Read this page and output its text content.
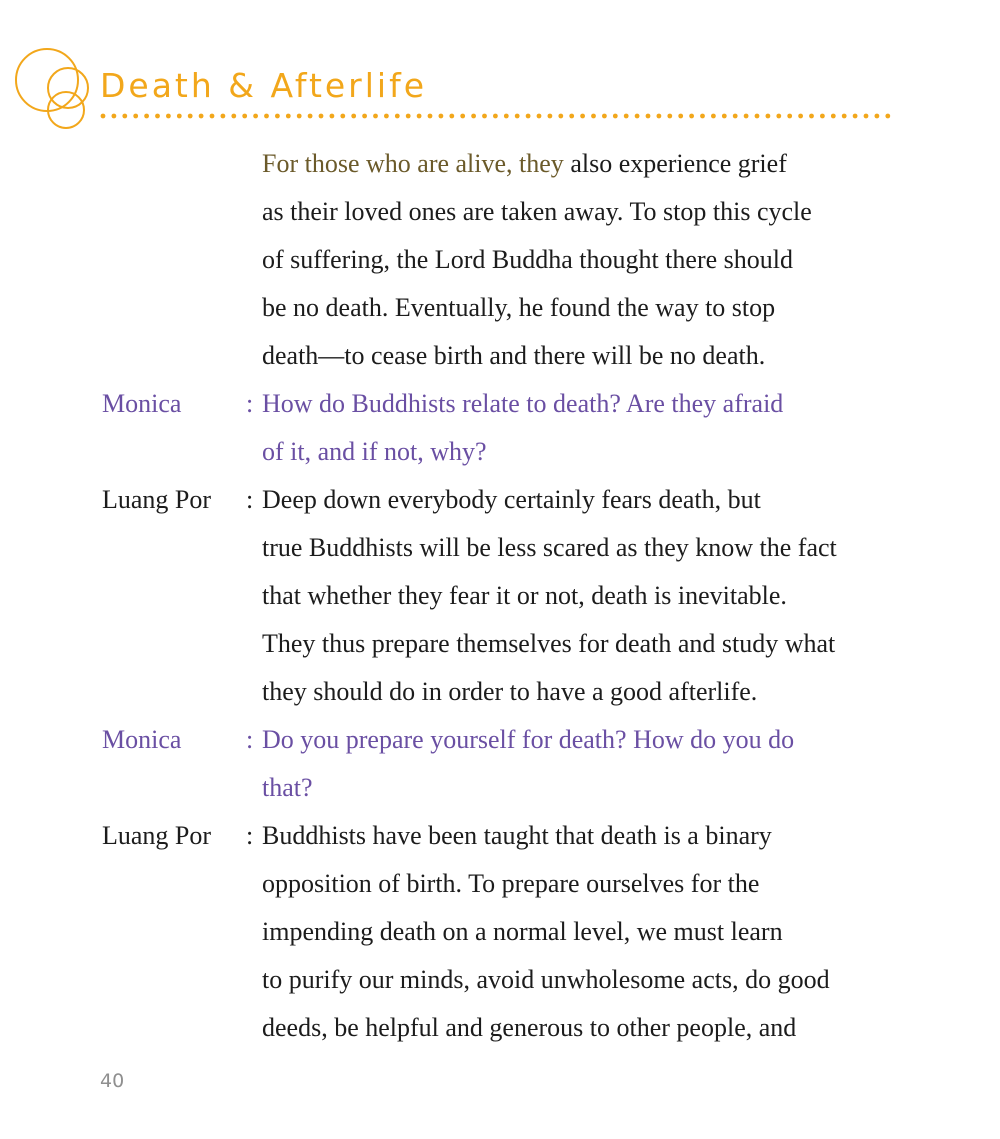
Death & Afterlife

For those who are alive, they also experience grief

as their loved ones are taken away. To stop this cycle

of suffering, the Lord Buddha thought there should

be no death. Eventually, he found the way to stop

death—to cease birth and there will be no death.

Monica : How do Buddhists relate to death? Are they afraid

of it, and if not, why?

Luang Por : Deep down everybody certainly fears death, but

true Buddhists will be less scared as they know the fact

that whether they fear it or not, death is inevitable.

They thus prepare themselves for death and study what

they should do in order to have a good afterlife.

Monica : Do you prepare yourself for death? How do you do

that?

Luang Por : Buddhists have been taught that death is a binary

opposition of birth. To prepare ourselves for the

impending death on a normal level, we must learn

to purify our minds, avoid unwholesome acts, do good

deeds, be helpful and generous to other people, and

40
